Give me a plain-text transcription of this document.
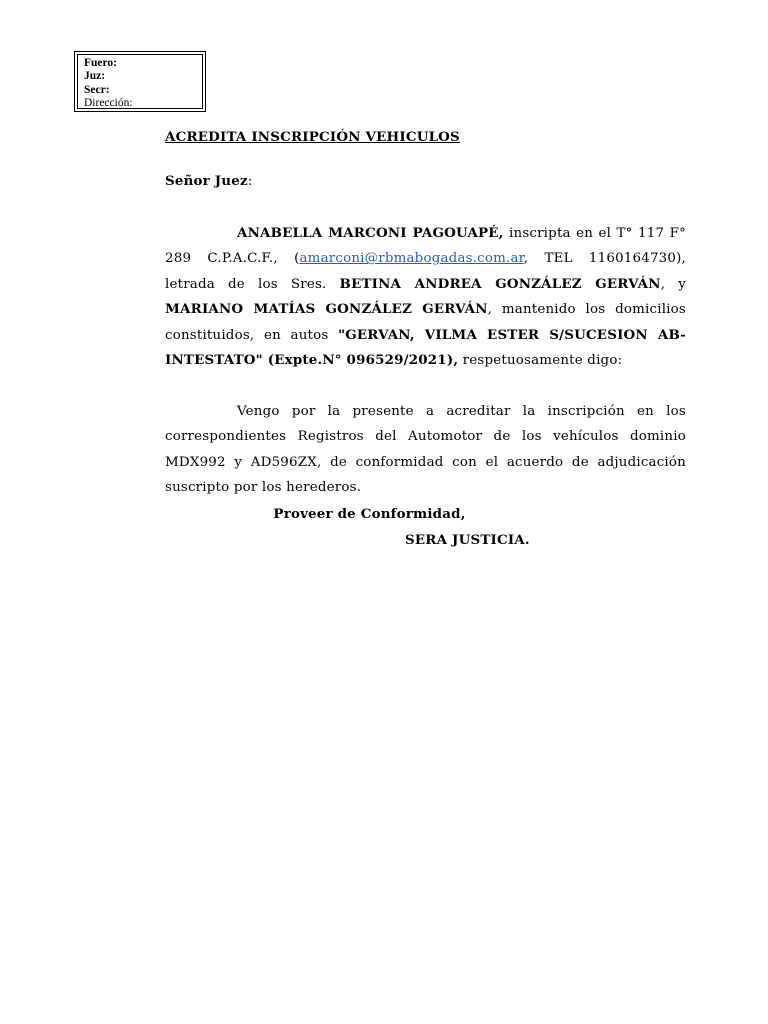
Fuero:
Juz:
Secr:
Dirección:

ACREDITA INSCRIPCIÓN VEHICULOS

Señor Juez:

ANABELLA MARCONI PAGOUAPÉ, inscripta en el T° 117 F° 289 C.P.A.C.F., (amarconi@rbmabogadas.com.ar, TEL 1160164730), letrada de los Sres. BETINA ANDREA GONZÁLEZ GERVÁN, y MARIANO MATÍAS GONZÁLEZ GERVÁN, mantenido los domicilios constituidos, en autos "GERVAN, VILMA ESTER S/SUCESION AB-INTESTATO" (Expte.N° 096529/2021), respetuosamente digo:

Vengo por la presente a acreditar la inscripción en los correspondientes Registros del Automotor de los vehículos dominio MDX992 y AD596ZX, de conformidad con el acuerdo de adjudicación suscripto por los herederos.

Proveer de Conformidad,

SERA JUSTICIA.
